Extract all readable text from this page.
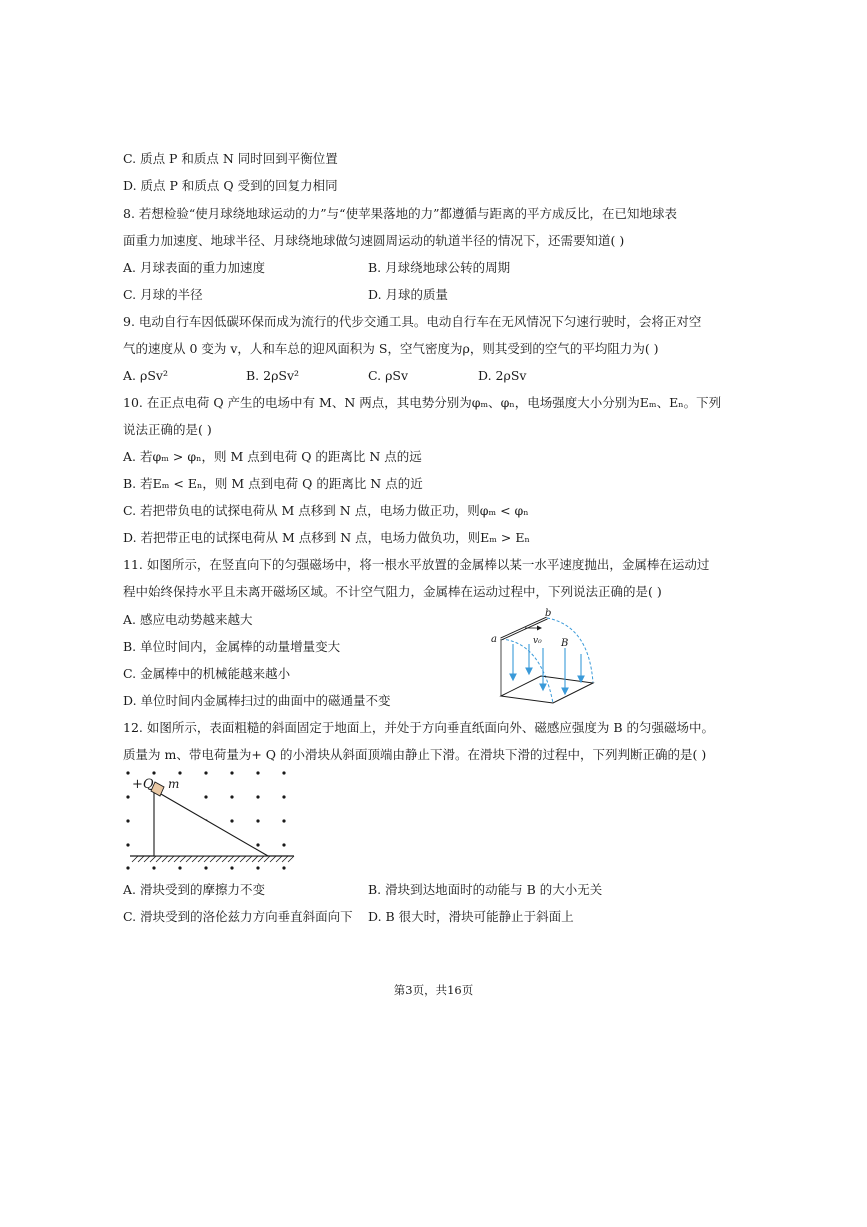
C. 质点 P 和质点 N 同时回到平衡位置
D. 质点 P 和质点 Q 受到的回复力相同
8. 若想检验“使月球绕地球运动的力”与“使苹果落地的力”都遵循与距离的平方成反比，在已知地球表
面重力加速度、地球半径、月球绕地球做匀速圆周运动的轨道半径的情况下，还需要知道( )
A. 月球表面的重力加速度	B. 月球绕地球公转的周期
C. 月球的半径	D. 月球的质量
9. 电动自行车因低碳环保而成为流行的代步交通工具。电动自行车在无风情况下匀速行驶时，会将正对空
气的速度从 0 变为 v，人和车总的迎风面积为 S，空气密度为ρ，则其受到的空气的平均阻力为( )
A. ρSv²	B. 2ρSv²	C. ρSv	D. 2ρSv
10. 在正点电荷 Q 产生的电场中有 M、N 两点，其电势分别为φₘ、φₙ，电场强度大小分别为Eₘ、Eₙ。下列
说法正确的是( )
A. 若φₘ > φₙ，则 M 点到电荷 Q 的距离比 N 点的远
B. 若Eₘ < Eₙ，则 M 点到电荷 Q 的距离比 N 点的近
C. 若把带负电的试探电荷从 M 点移到 N 点，电场力做正功，则φₘ < φₙ
D. 若把带正电的试探电荷从 M 点移到 N 点，电场力做负功，则Eₘ > Eₙ
11. 如图所示，在竖直向下的匀强磁场中，将一根水平放置的金属棒以某一水平速度抛出，金属棒在运动过
程中始终保持水平且未离开磁场区域。不计空气阻力，金属棒在运动过程中，下列说法正确的是( )
A. 感应电动势越来越大
B. 单位时间内，金属棒的动量增量变大
C. 金属棒中的机械能越来越小
D. 单位时间内金属棒扫过的曲面中的磁通量不变
a
b
v₀ B
12. 如图所示，表面粗糙的斜面固定于地面上，并处于方向垂直纸面向外、磁感应强度为 B 的匀强磁场中。
质量为 m、带电荷量为+ Q 的小滑块从斜面顶端由静止下滑。在滑块下滑的过程中，下列判断正确的是( )
+Q m
A. 滑块受到的摩擦力不变	B. 滑块到达地面时的动能与 B 的大小无关
C. 滑块受到的洛伦兹力方向垂直斜面向下 D. B 很大时，滑块可能静止于斜面上
第3页，共16页
